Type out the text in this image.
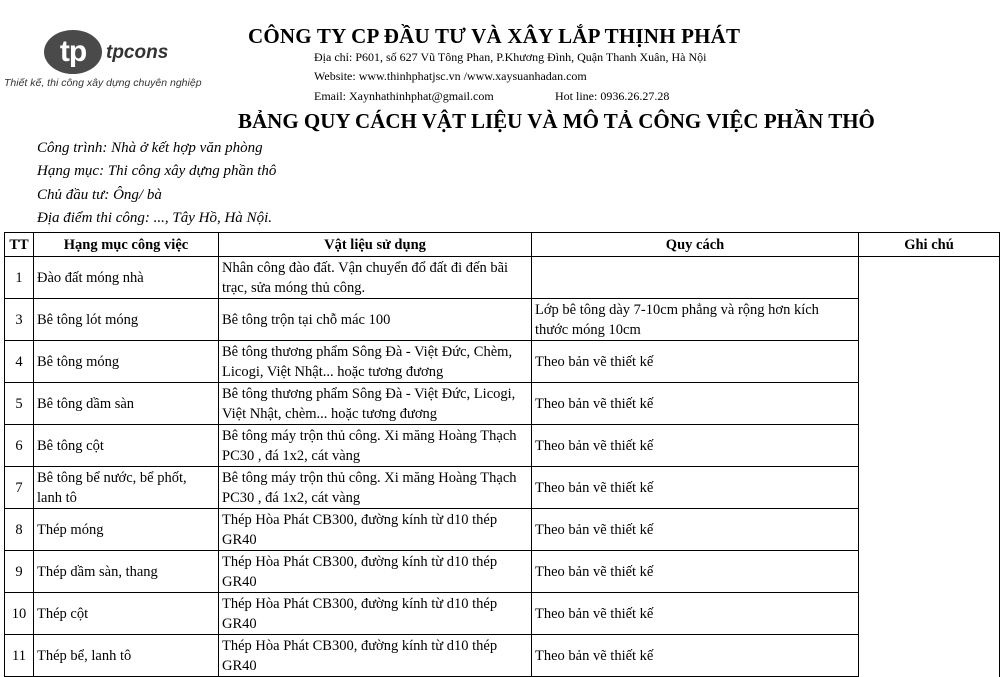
tp	tpcons
Thiết kế, thi công xây dựng chuyên nghiệp
CÔNG TY CP ĐẦU TƯ VÀ XÂY LẮP THỊNH PHÁT
Địa chỉ: P601, số 627 Vũ Tông Phan, P.Khương Đình, Quận Thanh Xuân, Hà Nội
Website: www.thinhphatjsc.vn /www.xaysuanhadan.com
Email: Xaynhathinhphat@gmail.com	Hot line: 0936.26.27.28
BẢNG QUY CÁCH VẬT LIỆU VÀ MÔ TẢ CÔNG VIỆC PHẦN THÔ
Công trình: Nhà ở kết hợp văn phòng
Hạng mục: Thi công xây dựng phần thô
Chủ đầu tư: Ông/ bà
Địa điểm thi công: ..., Tây Hồ, Hà Nội.
TT	Hạng mục công việc	Vật liệu sử dụng	Quy cách	Ghi chú
1	Đào đất móng nhà	Nhân công đào đất. Vận chuyển đổ đất đi đến bãi trạc, sửa móng thủ công.		
3	Bê tông lót móng	Bê tông trộn tại chỗ mác 100	Lớp bê tông dày 7-10cm phẳng và rộng hơn kích thước móng 10cm	
4	Bê tông móng	Bê tông thương phẩm Sông Đà - Việt Đức, Chèm, Licogi, Việt Nhật... hoặc tương đương	Theo bản vẽ thiết kế	
5	Bê tông dầm sàn	Bê tông thương phẩm Sông Đà - Việt Đức, Licogi, Việt Nhật, chèm... hoặc tương đương	Theo bản vẽ thiết kế	
6	Bê tông cột	Bê tông máy trộn thủ công. Xi măng Hoàng Thạch PC30 , đá 1x2, cát vàng	Theo bản vẽ thiết kế	
7	Bê tông bể nước, bể phốt, lanh tô	Bê tông máy trộn thủ công. Xi măng Hoàng Thạch PC30 , đá 1x2, cát vàng	Theo bản vẽ thiết kế	
8	Thép móng	Thép Hòa Phát CB300, đường kính từ d10 thép GR40	Theo bản vẽ thiết kế	
9	Thép dầm sàn, thang	Thép Hòa Phát CB300, đường kính từ d10 thép GR40	Theo bản vẽ thiết kế	
10	Thép cột	Thép Hòa Phát CB300, đường kính từ d10 thép GR40	Theo bản vẽ thiết kế	
11	Thép bể, lanh tô	Thép Hòa Phát CB300, đường kính từ d10 thép GR40	Theo bản vẽ thiết kế	
